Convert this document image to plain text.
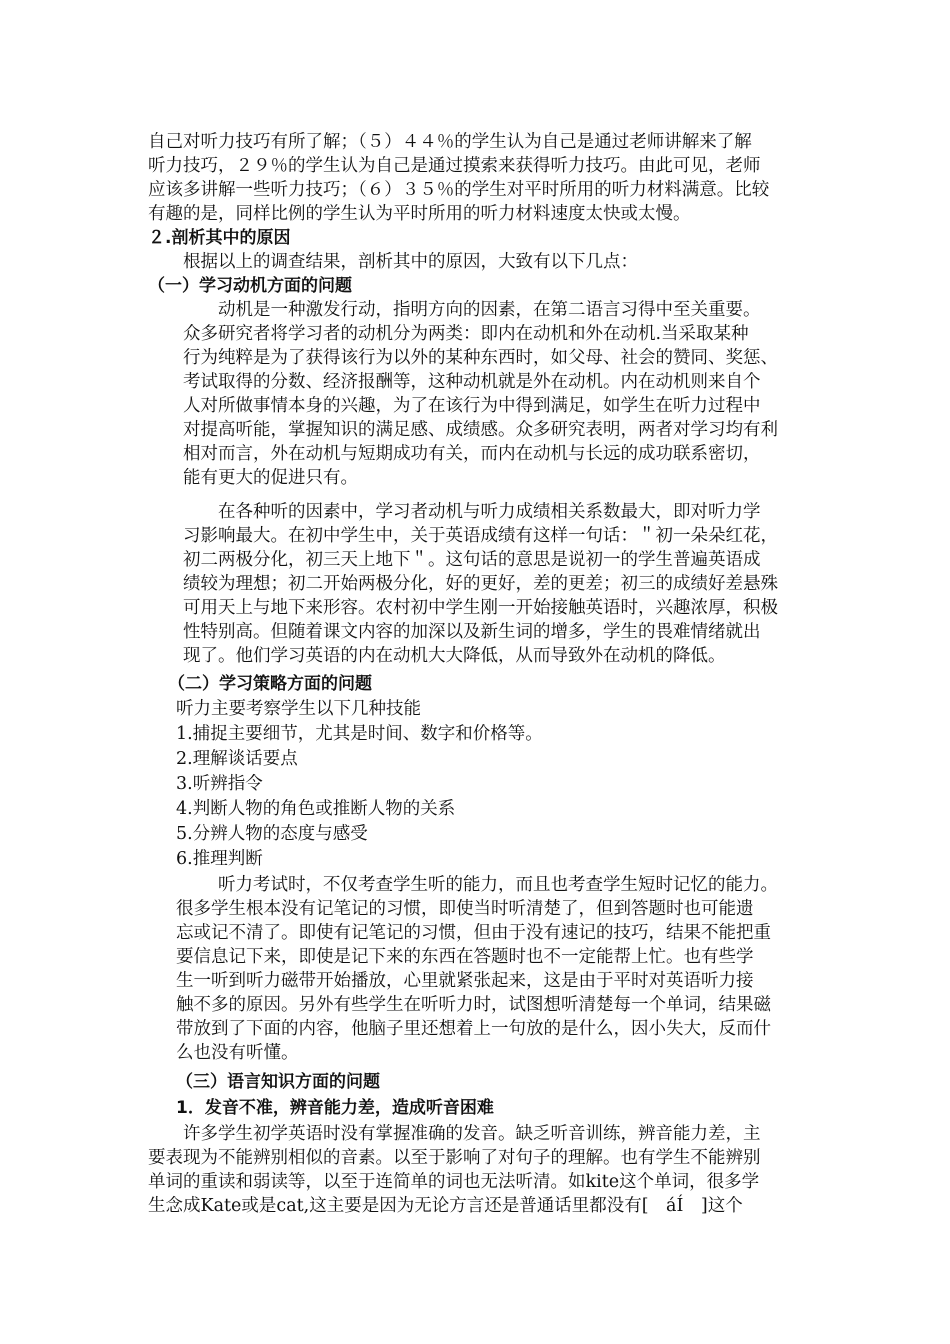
自己对听力技巧有所了解；（５）４４％的学生认为自己是通过老师讲解来了解
听力技巧，２９％的学生认为自己是通过摸索来获得听力技巧。由此可见，老师
应该多讲解一些听力技巧；（６）３５％的学生对平时所用的听力材料满意。比较
有趣的是，同样比例的学生认为平时所用的听力材料速度太快或太慢。
２.剖析其中的原因
根据以上的调查结果，剖析其中的原因，大致有以下几点：
（一）学习动机方面的问题
动机是一种激发行动，指明方向的因素，在第二语言习得中至关重要。
众多研究者将学习者的动机分为两类：即内在动机和外在动机.当采取某种
行为纯粹是为了获得该行为以外的某种东西时，如父母、社会的赞同、奖惩、
考试取得的分数、经济报酬等，这种动机就是外在动机。内在动机则来自个
人对所做事情本身的兴趣，为了在该行为中得到满足，如学生在听力过程中
对提高听能，掌握知识的满足感、成绩感。众多研究表明，两者对学习均有利
相对而言，外在动机与短期成功有关，而内在动机与长远的成功联系密切，
能有更大的促进只有。
在各种听的因素中，学习者动机与听力成绩相关系数最大，即对听力学
习影响最大。在初中学生中，关于英语成绩有这样一句话：＂初一朵朵红花，
初二两极分化，初三天上地下＂。这句话的意思是说初一的学生普遍英语成
绩较为理想；初二开始两极分化，好的更好，差的更差；初三的成绩好差悬殊
可用天上与地下来形容。农村初中学生刚一开始接触英语时，兴趣浓厚，积极
性特别高。但随着课文内容的加深以及新生词的增多，学生的畏难情绪就出
现了。他们学习英语的内在动机大大降低，从而导致外在动机的降低。
（二）学习策略方面的问题
听力主要考察学生以下几种技能
1.捕捉主要细节，尤其是时间、数字和价格等。
2.理解谈话要点
3.听辨指令
4.判断人物的角色或推断人物的关系
5.分辨人物的态度与感受
6.推理判断
听力考试时，不仅考查学生听的能力，而且也考查学生短时记忆的能力。
很多学生根本没有记笔记的习惯，即使当时听清楚了，但到答题时也可能遗
忘或记不清了。即使有记笔记的习惯，但由于没有速记的技巧，结果不能把重
要信息记下来，即使是记下来的东西在答题时也不一定能帮上忙。也有些学
生一听到听力磁带开始播放，心里就紧张起来，这是由于平时对英语听力接
触不多的原因。另外有些学生在听听力时，试图想听清楚每一个单词，结果磁
带放到了下面的内容，他脑子里还想着上一句放的是什么，因小失大，反而什
么也没有听懂。
（三）语言知识方面的问题
1．发音不准，辨音能力差，造成听音困难
许多学生初学英语时没有掌握准确的发音。缺乏听音训练，辨音能力差，主
要表现为不能辨别相似的音素。以至于影响了对句子的理解。也有学生不能辨别
单词的重读和弱读等，以至于连简单的词也无法听清。如kite这个单词，很多学
生念成Kate或是cat,这主要是因为无论方言还是普通话里都没有[　áÍ　]这个
